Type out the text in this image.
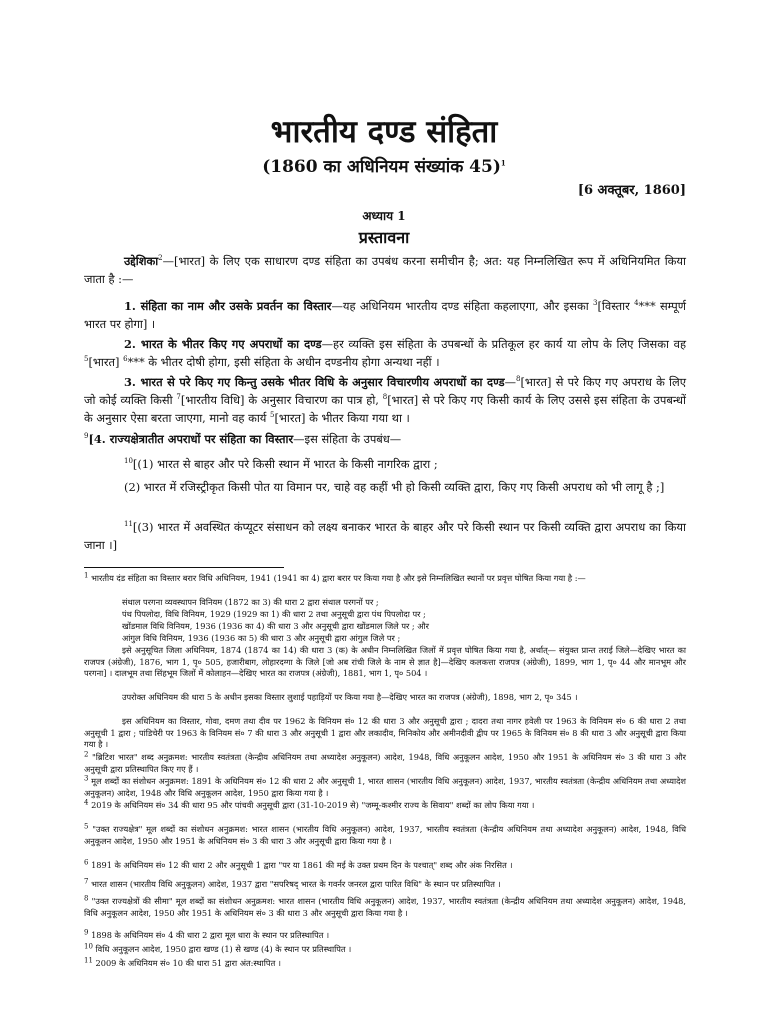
भारतीय दण्ड संहिता
(1860 का अधिनियम संख्यांक 45)$^1$
[6 अक्तूबर, 1860]
अध्याय 1
प्रस्तावना

उद्देशिका$^2$—[भारत] के लिए एक साधारण दण्ड संहिता का उपबंध करना समीचीन है; अत: यह निम्नलिखित रूप में अधिनियमित किया जाता है :—

1. संहिता का नाम और उसके प्रवर्तन का विस्तार—यह अधिनियम भारतीय दण्ड संहिता कहलाएगा, और इसका $^3$[विस्तार $^4$*** सम्पूर्ण भारत पर होगा] ।

2. भारत के भीतर किए गए अपराधों का दण्ड—हर व्यक्ति इस संहिता के उपबन्धों के प्रतिकूल हर कार्य या लोप के लिए जिसका वह $^5$[भारत] $^6$*** के भीतर दोषी होगा, इसी संहिता के अधीन दण्डनीय होगा अन्यथा नहीं ।

3. भारत से परे किए गए किन्तु उसके भीतर विधि के अनुसार विचारणीय अपराधों का दण्ड—$^8$[भारत] से परे किए गए अपराध के लिए जो कोई व्यक्ति किसी $^7$[भारतीय विधि] के अनुसार विचारण का पात्र हो, $^8$[भारत] से परे किए गए किसी कार्य के लिए उससे इस संहिता के उपबन्धों के अनुसार ऐसा बरता जाएगा, मानो वह कार्य $^5$[भारत] के भीतर किया गया था ।

$^9$[4. राज्यक्षेत्रातीत अपराधों पर संहिता का विस्तार—इस संहिता के उपबंध—

$^{10}$[(1) भारत से बाहर और परे किसी स्थान में भारत के किसी नागरिक द्वारा ;

(2) भारत में रजिस्ट्रीकृत किसी पोत या विमान पर, चाहे वह कहीं भी हो किसी व्यक्ति द्वारा, किए गए किसी अपराध को भी लागू है ;]

$^{11}$[(3) भारत में अवस्थित कंप्यूटर संसाधन को लक्ष्य बनाकर भारत के बाहर और परे किसी स्थान पर किसी व्यक्ति द्वारा अपराध का किया जाना ।]

$^1$ भारतीय दंड संहिता का विस्तार बरार विधि अधिनियम, 1941 (1941 का 4) द्वारा बरार पर किया गया है और इसे निम्नलिखित स्थानों पर प्रवृत्त घोषित किया गया है :—

संथाल परगना व्यवस्थापन विनियम (1872 का 3) की धारा 2 द्वारा संथाल परगनों पर ;

पंथ पिपलोदा, विधि विनियम, 1929 (1929 का 1) की धारा 2 तथा अनुसूची द्वारा पंथ पिपलोदा पर ;

खोंडमाल विधि विनियम, 1936 (1936 का 4) की धारा 3 और अनुसूची द्वारा खोंडमाल जिले पर ; और

आंगुल विधि विनियम, 1936 (1936 का 5) की धारा 3 और अनुसूची द्वारा आंगुल जिले पर ;

इसे अनुसूचित जिला अधिनियम, 1874 (1874 का 14) की धारा 3 (क) के अधीन निम्नलिखित जिलों में प्रवृत्त घोषित किया गया है, अर्थात्— संयुक्त प्रान्त तराई जिले—देखिए भारत का राजपत्र (अंग्रेजी), 1876, भाग 1, पृ० 505, हजारीबाग, लोहारदग्गा के जिले [जो अब रांची जिले के नाम से ज्ञात है]—देखिए कलकत्ता राजपत्र (अंग्रेजी), 1899, भाग 1, पृ० 44 और मानभूम और परगना] । दालभूम तथा सिंहभूम जिलों में कोलाहन—देखिए भारत का राजपत्र (अंग्रेजी), 1881, भाग 1, पृ० 504 ।

उपरोक्त अधिनियम की धारा 5 के अधीन इसका विस्तार लुशाई पहाड़ियों पर किया गया है—देखिए भारत का राजपत्र (अंग्रेजी), 1898, भाग 2, पृ० 345 ।

इस अधिनियम का विस्तार, गोवा, दमण तथा दीव पर 1962 के विनियम सं० 12 की धारा 3 और अनुसूची द्वारा ; दादरा तथा नागर हवेली पर 1963 के विनियम सं० 6 की धारा 2 तथा अनुसूची 1 द्वारा ; पांडिचेरी पर 1963 के विनियम सं० 7 की धारा 3 और अनुसूची 1 द्वारा और लकादीव, मिनिकोय और अमीनदीवी द्वीप पर 1965 के विनियम सं० 8 की धारा 3 और अनुसूची द्वारा किया गया है ।

$^2$ "ब्रिटिश भारत" शब्द अनुक्रमश: भारतीय स्वतंत्रता (केन्द्रीय अधिनियम तथा अध्यादेश अनुकूलन) आदेश, 1948, विधि अनुकूलन आदेश, 1950 और 1951 के अधिनियम सं० 3 की धारा 3 और अनुसूची द्वारा प्रतिस्थापित किए गए हैं ।

$^3$ मूल शब्दों का संशोधन अनुक्रमश: 1891 के अधिनियम सं० 12 की धारा 2 और अनुसूची 1, भारत शासन (भारतीय विधि अनुकूलन) आदेश, 1937, भारतीय स्वतंत्रता (केन्द्रीय अधिनियम तथा अध्यादेश अनुकूलन) आदेश, 1948 और विधि अनुकूलन आदेश, 1950 द्वारा किया गया है ।

$^4$ 2019 के अधिनियम सं० 34 की धारा 95 और पांचवी अनुसूची द्वारा (31-10-2019 से) "जम्मू-कश्मीर राज्य के सिवाय" शब्दों का लोप किया गया ।

$^5$ "उक्त राज्यक्षेत्र" मूल शब्दों का संशोधन अनुक्रमश: भारत शासन (भारतीय विधि अनुकूलन) आदेश, 1937, भारतीय स्वतंत्रता (केन्द्रीय अधिनियम तथा अध्यादेश अनुकूलन) आदेश, 1948, विधि अनुकूलन आदेश, 1950 और 1951 के अधिनियम सं० 3 की धारा 3 और अनुसूची द्वारा किया गया है ।

$^6$ 1891 के अधिनियम सं० 12 की धारा 2 और अनुसूची 1 द्वारा "पर या 1861 की मई के उक्त प्रथम दिन के पश्चात्" शब्द और अंक निरसित ।

$^7$ भारत शासन (भारतीय विधि अनुकूलन) आदेश, 1937 द्वारा "सपरिषद् भारत के गवर्नर जनरल द्वारा पारित विधि" के स्थान पर प्रतिस्थापित ।

$^8$ "उक्त राज्यक्षेत्रों की सीमा" मूल शब्दों का संशोधन अनुक्रमश: भारत शासन (भारतीय विधि अनुकूलन) आदेश, 1937, भारतीय स्वतंत्रता (केन्द्रीय अधिनियम तथा अध्यादेश अनुकूलन) आदेश, 1948, विधि अनुकूलन आदेश, 1950 और 1951 के अधिनियम सं० 3 की धारा 3 और अनुसूची द्वारा किया गया है ।

$^9$ 1898 के अधिनियम सं० 4 की धारा 2 द्वारा मूल धारा के स्थान पर प्रतिस्थापित ।

$^{10}$ विधि अनुकूलन आदेश, 1950 द्वारा खण्ड (1) से खण्ड (4) के स्थान पर प्रतिस्थापित ।

$^{11}$ 2009 के अधिनियम सं० 10 की धारा 51 द्वारा अंत:स्थापित ।
